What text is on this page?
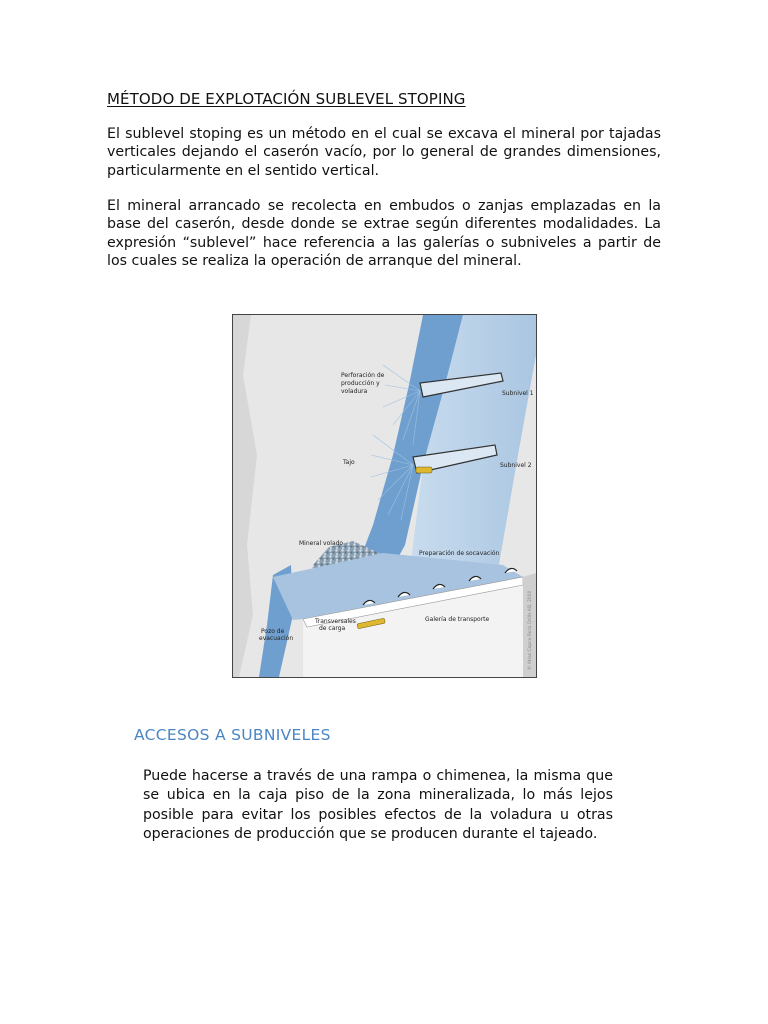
MÉTODO DE EXPLOTACIÓN SUBLEVEL STOPING

El sublevel stoping es un método en el cual se excava el mineral por tajadas verticales dejando el caserón vacío, por lo general de grandes dimensiones, particularmente en el sentido vertical.

El mineral arrancado se recolecta en embudos o zanjas emplazadas en la base del caserón, desde donde se extrae según diferentes modalidades. La expresión “sublevel” hace referencia a las galerías o subniveles a partir de los cuales se realiza la operación de arranque del mineral.

Perforación de
producción y
voladura	Subnivel 1
Subnivel 2
Tajo
Mineral volado
Preparación de socavación
Pozo de
evacuación
Transversales
de carga
Galería de transporte	© Atlas Copco Rock Drills AB, 2000
ACCESOS A SUBNIVELES

Puede hacerse a través de una rampa o chimenea, la misma que se ubica en la caja piso de la zona mineralizada, lo más lejos posible para evitar los posibles efectos de la voladura u otras operaciones de producción que se producen durante el tajeado.
